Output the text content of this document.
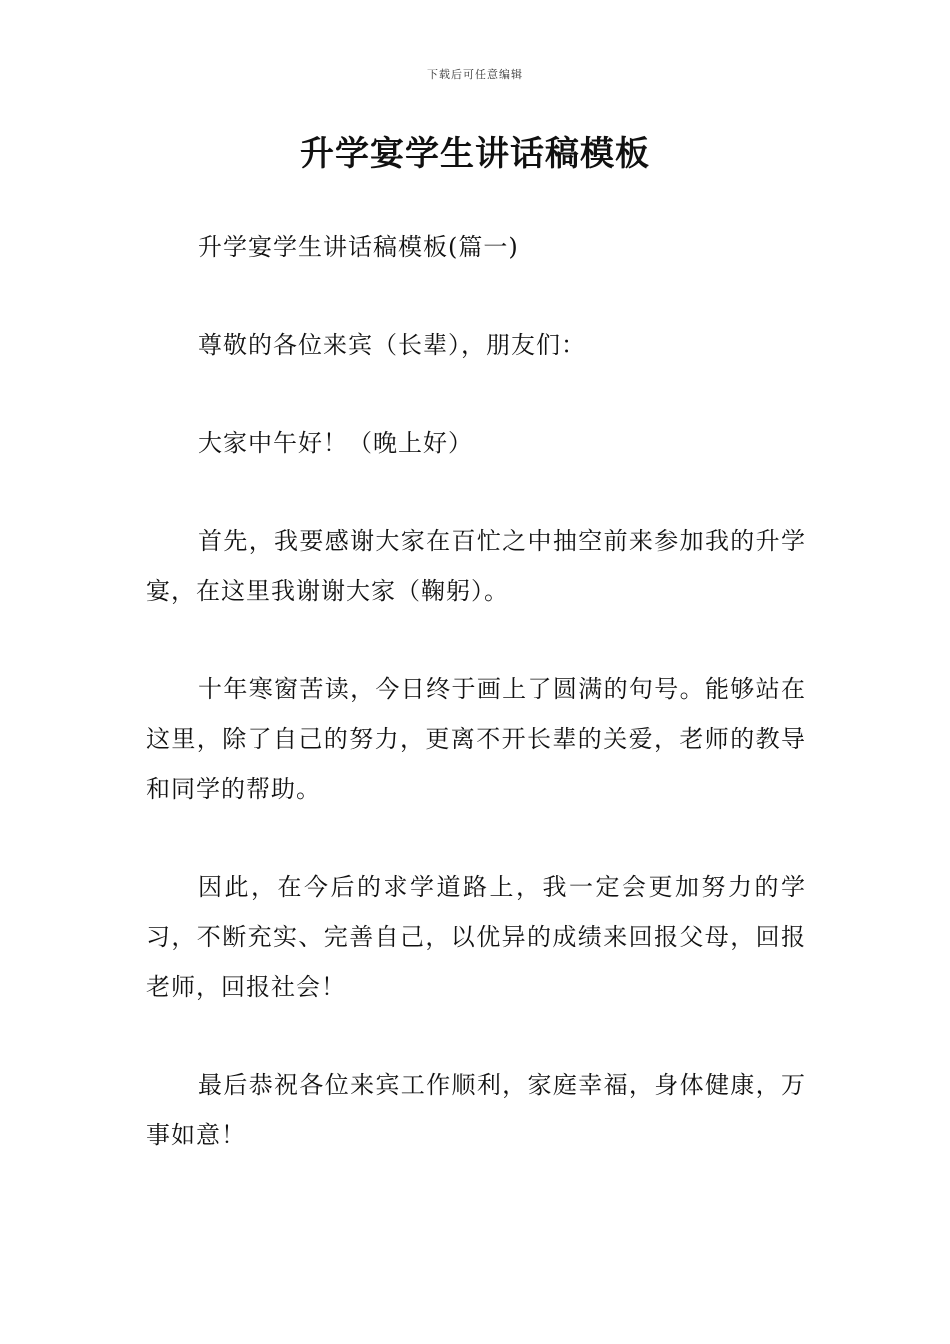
下载后可任意编辑
升学宴学生讲话稿模板

升学宴学生讲话稿模板(篇一)

尊敬的各位来宾（长辈），朋友们：

大家中午好！（晚上好）

首先，我要感谢大家在百忙之中抽空前来参加我的升学宴，在这里我谢谢大家（鞠躬）。

十年寒窗苦读，今日终于画上了圆满的句号。能够站在这里，除了自己的努力，更离不开长辈的关爱，老师的教导和同学的帮助。

因此，在今后的求学道路上，我一定会更加努力的学习，不断充实、完善自己，以优异的成绩来回报父母，回报老师，回报社会！

最后恭祝各位来宾工作顺利，家庭幸福，身体健康，万事如意！
